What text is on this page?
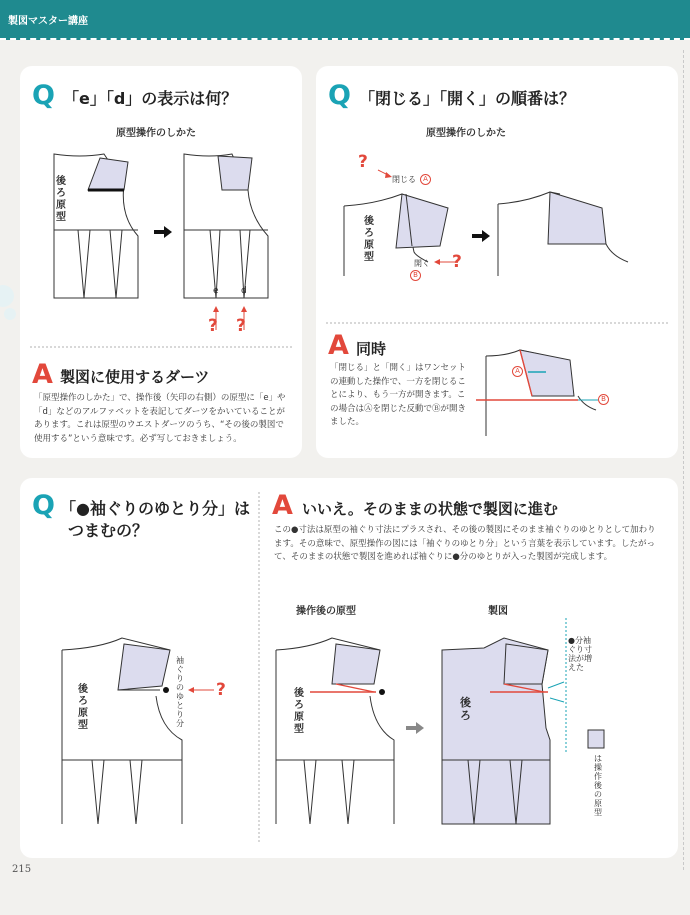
製図マスター講座
Q 「e」「d」の表示は何？
原型操作のしかた
後ろ原型
e d
? ?
A 製図に使用するダーツ
「原型操作のしかた」で、操作後（矢印の右側）の原型に「e」や「d」などのアルファベットを表記してダーツをかいていることがあります。これは原型のウエストダーツのうち、“その後の製図で使用する”という意味です。必ず写しておきましょう。
Q 「閉じる」「開く」の順番は？
原型操作のしかた
?
閉じる	A
後ろ原型
開く
B
?
A 同時
「閉じる」と「開く」はワンセットの連動した操作で、一方を閉じることにより、もう一方が開きます。この場合はⒶを閉じた反動でⒷが開きました。
A
B
Q 「●袖ぐりのゆとり分」は
つまむの？
A いいえ。そのままの状態で製図に進む
この●寸法は原型の袖ぐり寸法にプラスされ、その後の製図にそのまま袖ぐりのゆとりとして加わります。その意味で、原型操作の図には「袖ぐりのゆとり分」という言葉を表示しています。したがって、そのままの状態で製図を進めれば袖ぐりに●分のゆとりが入った製図が完成します。
操作後の原型	製図
後ろ原型
袖ぐりのゆとり分
?	後ろ原型
後ろ
●分袖ぐり寸法が増えた
は操作後の原型
215
